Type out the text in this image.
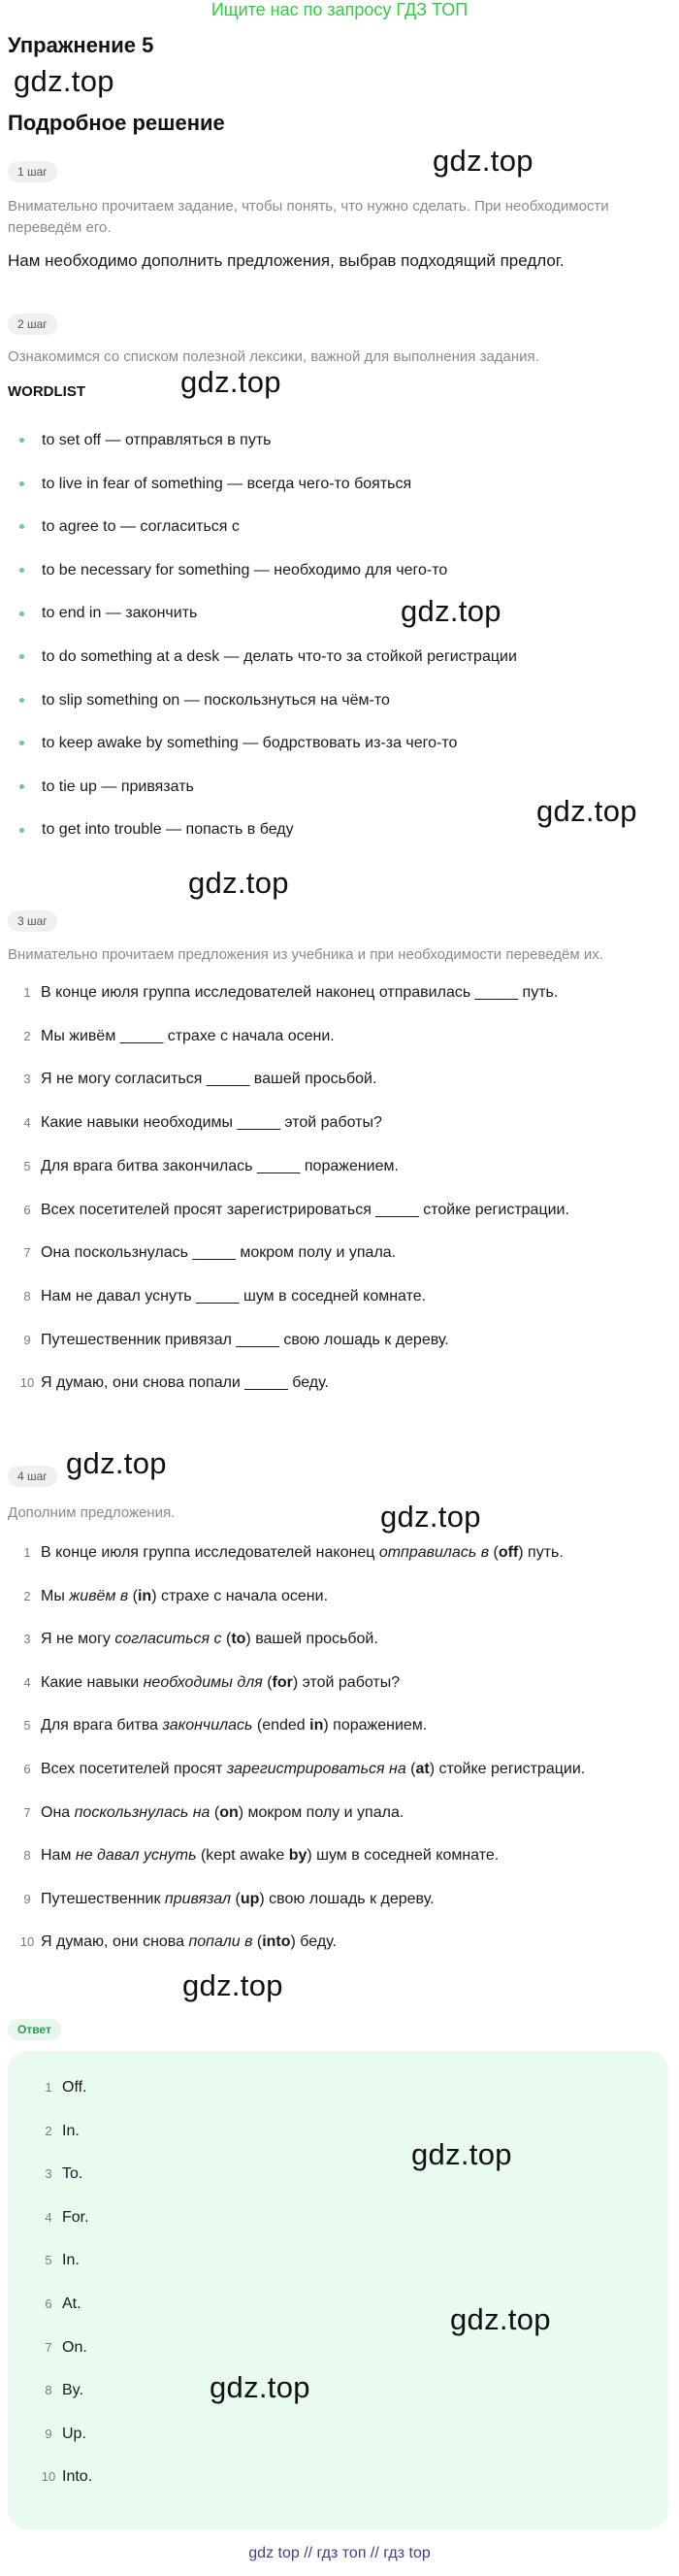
Ищите нас по запросу ГДЗ ТОП
Упражнение 5
gdz.top
Подробное решение
gdz.top
1 шаг
Внимательно прочитаем задание, чтобы понять, что нужно сделать. При необходимости переведём его.
Нам необходимо дополнить предложения, выбрав подходящий предлог.
2 шаг
Ознакомимся со списком полезной лексики, важной для выполнения задания.
WORDLIST	gdz.top
to set off — отправляться в путь
to live in fear of something — всегда чего-то бояться
to agree to — согласиться с
to be necessary for something — необходимо для чего-то
to end in — закончить
to do something at a desk — делать что-то за стойкой регистрации
to slip something on — поскользнуться на чём-то
to keep awake by something — бодрствовать из-за чего-то
to tie up — привязать
to get into trouble — попасть в беду
gdz.top
gdz.top
gdz.top
3 шаг
Внимательно прочитаем предложения из учебника и при необходимости переведём их.
1 В конце июля группа исследователей наконец отправилась _____ путь.
2 Мы живём _____ страхе с начала осени.
3 Я не могу согласиться _____ вашей просьбой.
4 Какие навыки необходимы _____ этой работы?
5 Для врага битва закончилась _____ поражением.
6 Всех посетителей просят зарегистрироваться _____ стойке регистрации.
7 Она поскользнулась _____ мокром полу и упала.
8 Нам не давал уснуть _____ шум в соседней комнате.
9 Путешественник привязал _____ свою лошадь к дереву.
10 Я думаю, они снова попали _____ беду.
gdz.top
4 шаг
Дополним предложения.	gdz.top
1 В конце июля группа исследователей наконец отправилась в (off) путь.
2 Мы живём в (in) страхе с начала осени.
3 Я не могу согласиться с (to) вашей просьбой.
4 Какие навыки необходимы для (for) этой работы?
5 Для врага битва закончилась (ended in) поражением.
6 Всех посетителей просят зарегистрироваться на (at) стойке регистрации.
7 Она поскользнулась на (on) мокром полу и упала.
8 Нам не давал уснуть (kept awake by) шум в соседней комнате.
9 Путешественник привязал (up) свою лошадь к дереву.
10 Я думаю, они снова попали в (into) беду.
gdz.top
Ответ
1 Off.
2 In.
3 To.
4 For.
5 In.
6 At.
7 On.
8 By.
9 Up.
10 Into.
gdz.top
gdz.top
gdz.top
gdz top // гдз топ // гдз top
